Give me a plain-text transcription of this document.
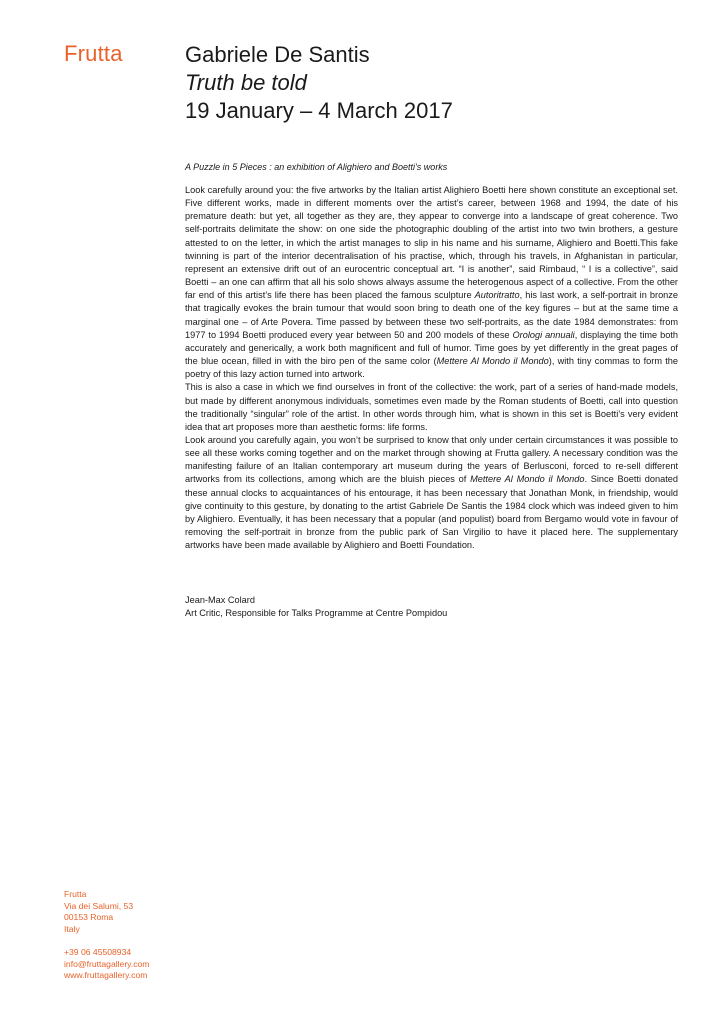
Frutta	Gabriele De Santis
Truth be told
19 January – 4 March 2017
A Puzzle in 5 Pieces : an exhibition of Alighiero and Boetti’s works

Look carefully around you: the five artworks by the Italian artist Alighiero Boetti here shown constitute an exceptional set. Five different works, made in different moments over the artist’s career, between 1968 and 1994, the date of his premature death: but yet, all together as they are, they appear to converge into a landscape of great coherence. Two self-portraits delimitate the show: on one side the photographic doubling of the artist into two twin brothers, a gesture attested to on the letter, in which the artist manages to slip in his name and his surname, Alighiero and Boetti.This fake twinning is part of the interior decentralisation of his practise, which, through his travels, in Afghanistan in particular, represent an extensive drift out of an eurocentric conceptual art. “I is another”, said Rimbaud, “ I is a collective”, said Boetti – an one can affirm that all his solo shows always assume the heterogenous aspect of a collective. From the other far end of this artist’s life there has been placed the famous sculpture Autoritratto, his last work, a self-portrait in bronze that tragically evokes the brain tumour that would soon bring to death one of the key figures – but at the same time a marginal one – of Arte Povera. Time passed by between these two self-portraits, as the date 1984 demonstrates: from 1977 to 1994 Boetti produced every year between 50 and 200 models of these Orologi annuali, displaying the time both accurately and generically, a work both magnificent and full of humor. Time goes by yet differently in the great pages of the blue ocean, filled in with the biro pen of the same color (Mettere Al Mondo il Mondo), with tiny commas to form the poetry of this lazy action turned into artwork.

This is also a case in which we find ourselves in front of the collective: the work, part of a series of hand-made models, but made by different anonymous individuals, sometimes even made by the Roman students of Boetti, call into question the traditionally “singular” role of the artist. In other words through him, what is shown in this set is Boetti’s very evident idea that art proposes more than aesthetic forms: life forms.

Look around you carefully again, you won’t be surprised to know that only under certain circumstances it was possible to see all these works coming together and on the market through showing at Frutta gallery. A necessary condition was the manifesting failure of an Italian contemporary art museum during the years of Berlusconi, forced to re-sell different artworks from its collections, among which are the bluish pieces of Mettere Al Mondo il Mondo. Since Boetti donated these annual clocks to acquaintances of his entourage, it has been necessary that Jonathan Monk, in friendship, would give continuity to this gesture, by donating to the artist Gabriele De Santis the 1984 clock which was indeed given to him by Alighiero. Eventually, it has been necessary that a popular (and populist) board from Bergamo would vote in favour of removing the self-portrait in bronze from the public park of San Virgilio to have it placed here. The supplementary artworks have been made available by Alighiero and Boetti Foundation.

Jean-Max Colard
Art Critic, Responsible for Talks Programme at Centre Pompidou
Frutta
Via dei Salumi, 53
00153 Roma
Italy
+39 06 45508934
info@fruttagallery.com
www.fruttagallery.com
